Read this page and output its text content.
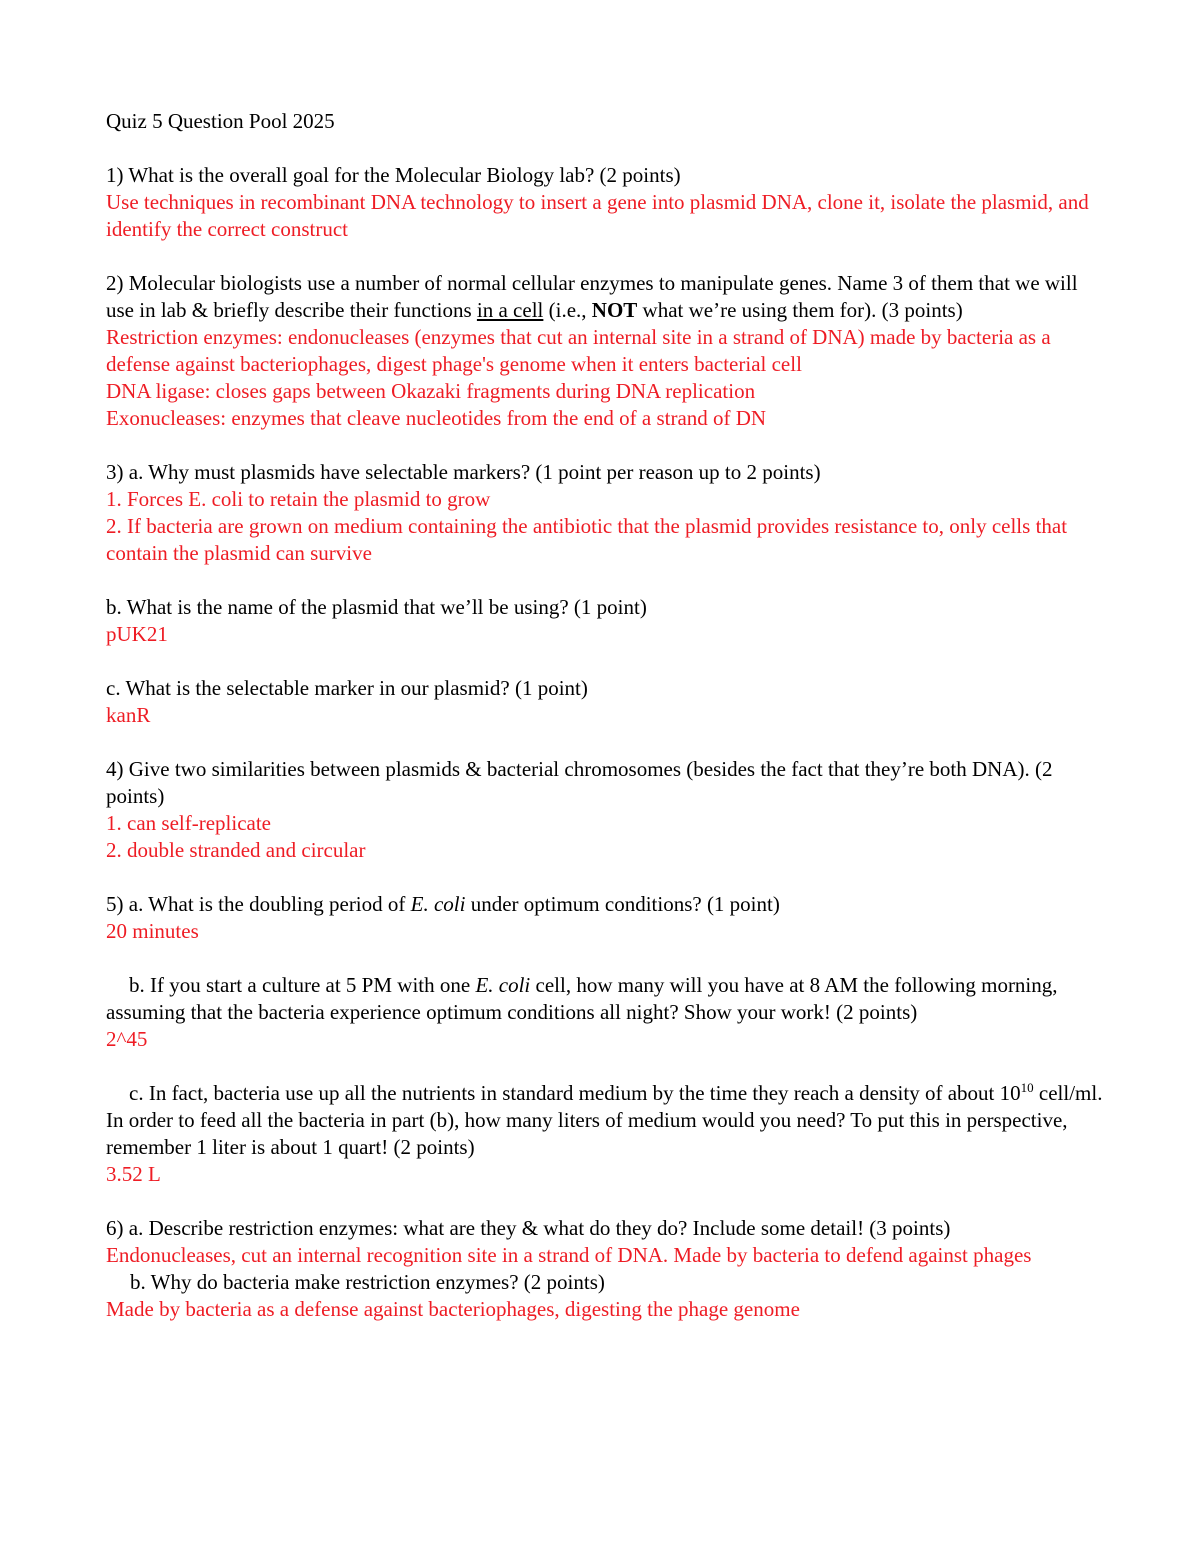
Quiz 5 Question Pool 2025

1) What is the overall goal for the Molecular Biology lab? (2 points)

Use techniques in recombinant DNA technology to insert a gene into plasmid DNA, clone it, isolate the plasmid, and identify the correct construct

2) Molecular biologists use a number of normal cellular enzymes to manipulate genes. Name 3 of them that we will use in lab & briefly describe their functions in a cell (i.e., NOT what we’re using them for). (3 points)

Restriction enzymes: endonucleases (enzymes that cut an internal site in a strand of DNA) made by bacteria as a defense against bacteriophages, digest phage's genome when it enters bacterial cell

DNA ligase: closes gaps between Okazaki fragments during DNA replication

Exonucleases: enzymes that cleave nucleotides from the end of a strand of DN

3) a. Why must plasmids have selectable markers? (1 point per reason up to 2 points)

1. Forces E. coli to retain the plasmid to grow

2. If bacteria are grown on medium containing the antibiotic that the plasmid provides resistance to, only cells that contain the plasmid can survive

b. What is the name of the plasmid that we’ll be using? (1 point)

pUK21

c. What is the selectable marker in our plasmid? (1 point)

kanR

4) Give two similarities between plasmids & bacterial chromosomes (besides the fact that they’re both DNA). (2 points)

1. can self-replicate

2. double stranded and circular

5) a. What is the doubling period of E. coli under optimum conditions? (1 point)

20 minutes

b. If you start a culture at 5 PM with one E. coli cell, how many will you have at 8 AM the following morning, assuming that the bacteria experience optimum conditions all night? Show your work! (2 points)

2^45

c. In fact, bacteria use up all the nutrients in standard medium by the time they reach a density of about $10^{10}$ cell/ml. In order to feed all the bacteria in part (b), how many liters of medium would you need? To put this in perspective, remember 1 liter is about 1 quart! (2 points)

3.52 L

6) a. Describe restriction enzymes: what are they & what do they do? Include some detail! (3 points)

Endonucleases, cut an internal recognition site in a strand of DNA. Made by bacteria to defend against phages

b. Why do bacteria make restriction enzymes? (2 points)

Made by bacteria as a defense against bacteriophages, digesting the phage genome
